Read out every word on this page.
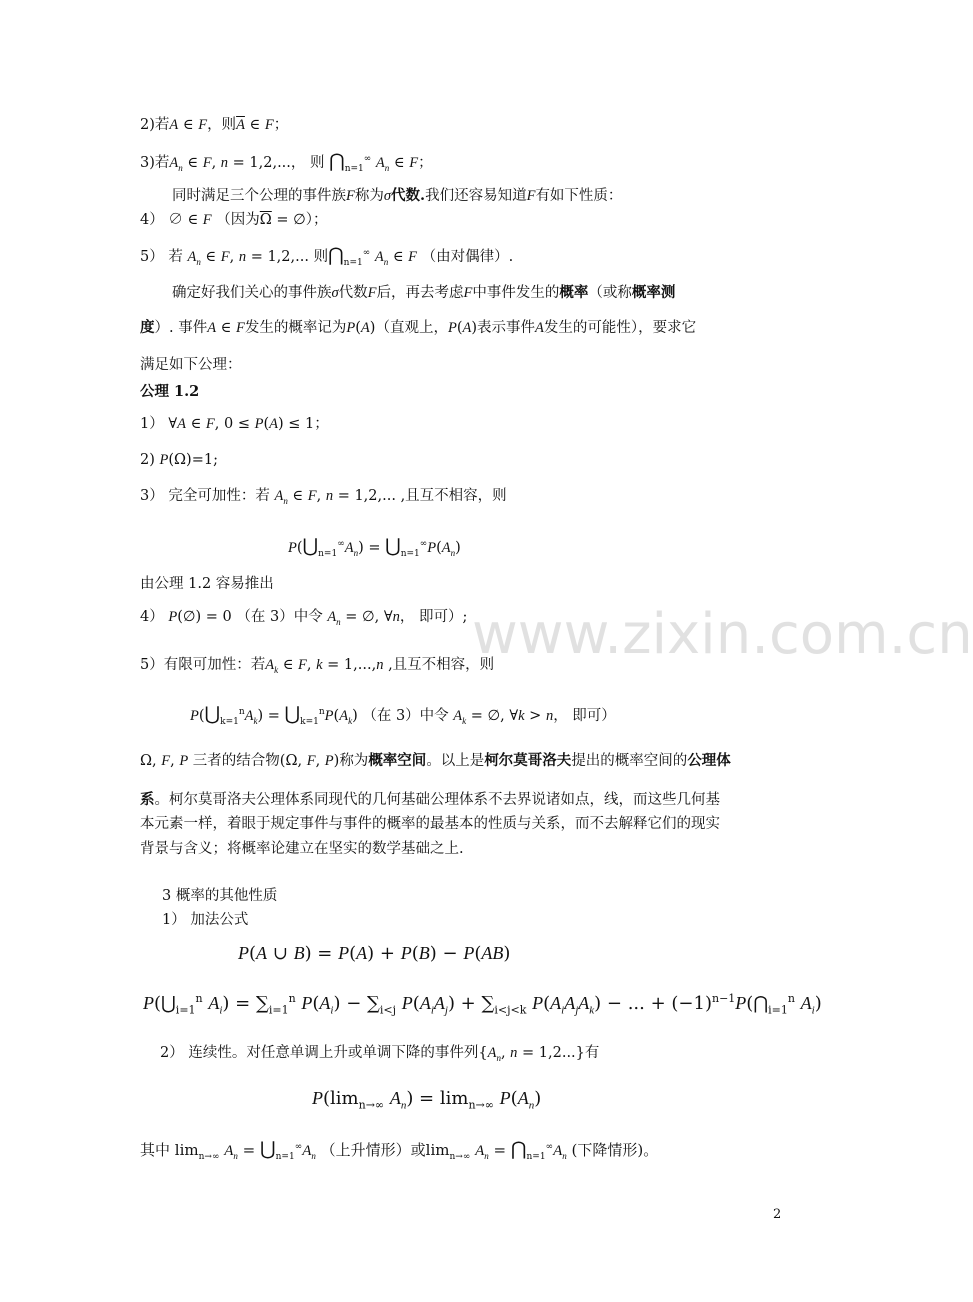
www.zixin.com.cn
2)若A ∈ F，则$\overline{A}$ ∈ F；
3)若$A_n$ ∈ F, n = 1,2,...， 则 $⋂_{n=1}^\infty$ $A_n$ ∈ F；
同时满足三个公理的事件族F称为σ代数.我们还容易知道F有如下性质：
4） ∅ ∈ F （因为$\overline{\Omega}$ = ∅）；
5） 若 $A_n$ ∈ F, n = 1,2,... 则$⋂_{n=1}^\infty$ $A_n$ ∈ F （由对偶律）.
确定好我们关心的事件族σ代数F后，再去考虑F中事件发生的概率（或称概率测
度）. 事件A ∈ F发生的概率记为P(A)（直观上，P(A)表示事件A发生的可能性），要求它
满足如下公理：
公理 1.2
1） ∀A ∈ F, 0 ≤ P(A) ≤ 1；
2) P(Ω)=1;
3） 完全可加性：若 $A_n$ ∈ F, n = 1,2,... ,且互不相容，则
$P(⋃_{n=1}^\infty A_n)$ = $⋃_{n=1}^\infty P(A_n)$
由公理 1.2 容易推出
4） P(∅) = 0 （在 3）中令 $A_n$ = ∅, ∀n， 即可）;
5）有限可加性：若$A_k$ ∈ F, k = 1,...,n ,且互不相容，则
$P(⋃_{k=1}^nA_k)$ = $⋃_{k=1}^nP(A_k)$ （在 3）中令 $A_k$ = ∅, ∀k > n， 即可）
Ω, F, P 三者的结合物(Ω, F, P)称为概率空间。以上是柯尔莫哥洛夫提出的概率空间的公理体
系。柯尔莫哥洛夫公理体系同现代的几何基础公理体系不去界说诸如点，线，而这些几何基
本元素一样，着眼于规定事件与事件的概率的最基本的性质与关系，而不去解释它们的现实
背景与含义；将概率论建立在坚实的数学基础之上.
3 概率的其他性质
1） 加法公式
P(A ∪ B) = P(A) + P(B) − P(AB)
$P(⋃_{i=1}^n$ $A_i) = \sum_{i=1}^n$ $P(A_i) - \sum_{i<j}$ $P(A_iA_j) + \sum_{i<j<k}$ $P(A_iA_jA_k)$ − ... + $(-1)^{n-1}P(⋂_{i=1}^n$ $A_i$)
2） 连续性。对任意单调上升或单调下降的事件列{$A_n$, n = 1,2...}有
$P(\lim_{n\to\infty}$ $A_n) = \lim_{n\to\infty} P(A_n)$
其中 $\lim_{n\to\infty} A_n$ = $⋃_{n=1}^\infty A_n$ （上升情形）或$\lim_{n\to\infty} A_n$ = $⋂_{n=1}^\infty A_n$ (下降情形)。
2
